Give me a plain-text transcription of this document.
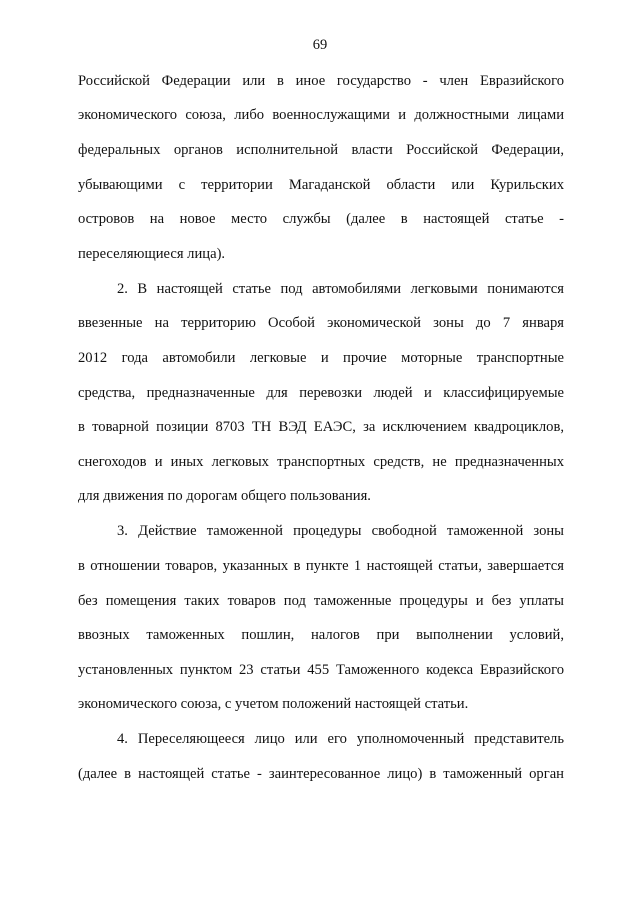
69
Российской Федерации или в иное государство - член Евразийского
экономического союза, либо военнослужащими и должностными лицами
федеральных органов исполнительной власти Российской Федерации,
убывающими с территории Магаданской области или Курильских
островов на новое место службы (далее в настоящей статье -
переселяющиеся лица).
2. В настоящей статье под автомобилями легковыми понимаются
ввезенные на территорию Особой экономической зоны до 7 января
2012 года автомобили легковые и прочие моторные транспортные
средства, предназначенные для перевозки людей и классифицируемые
в товарной позиции 8703 ТН ВЭД ЕАЭС, за исключением квадроциклов,
снегоходов и иных легковых транспортных средств, не предназначенных
для движения по дорогам общего пользования.
3. Действие таможенной процедуры свободной таможенной зоны
в отношении товаров, указанных в пункте 1 настоящей статьи, завершается
без помещения таких товаров под таможенные процедуры и без уплаты
ввозных таможенных пошлин, налогов при выполнении условий,
установленных пунктом 23 статьи 455 Таможенного кодекса Евразийского
экономического союза, с учетом положений настоящей статьи.
4. Переселяющееся лицо или его уполномоченный представитель
(далее в настоящей статье - заинтересованное лицо) в таможенный орган
